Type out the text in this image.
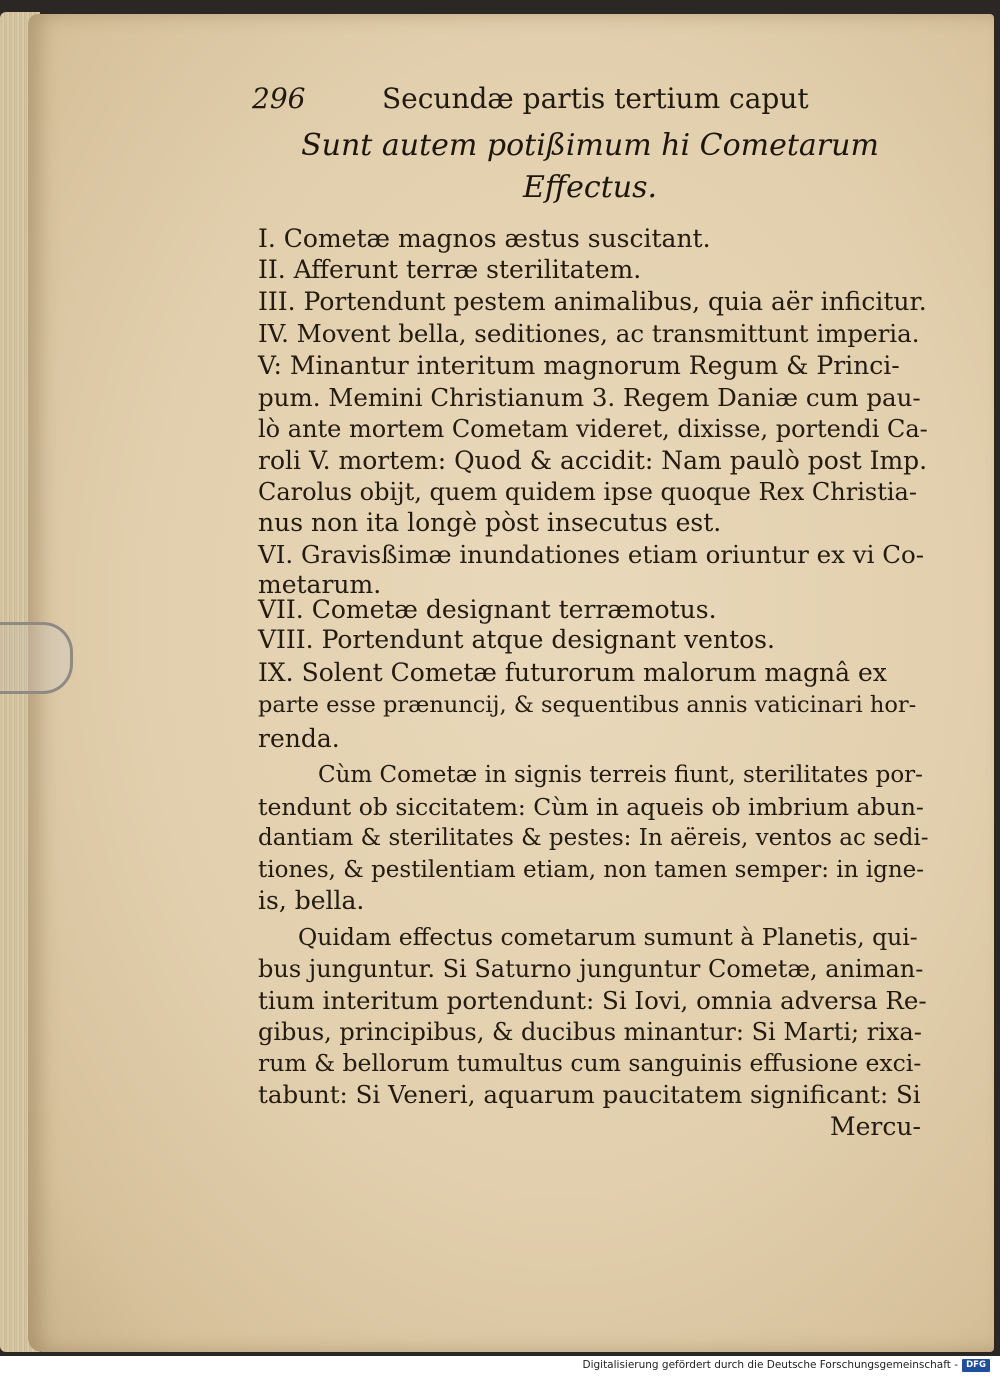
296	Secundæ partis tertium caput
Sunt autem potißimum hi Cometarum
Effectus.
I. Cometæ magnos æstus suscitant.
II. Afferunt terræ sterilitatem.
III. Portendunt pestem animalibus, quia aër inficitur.
IV. Movent bella, seditiones, ac transmittunt imperia.
V: Minantur interitum magnorum Regum & Princi-
pum. Memini Christianum 3. Regem Daniæ cum pau-
lò ante mortem Cometam videret, dixisse, portendi Ca-
roli V. mortem: Quod & accidit: Nam paulò post Imp.
Carolus obijt, quem quidem ipse quoque Rex Christia-
nus non ita longè pòst insecutus est.
VI. Gravisßimæ inundationes etiam oriuntur ex vi Co-
metarum.
VII. Cometæ designant terræmotus.
VIII. Portendunt atque designant ventos.
IX. Solent Cometæ futurorum malorum magnâ ex
parte esse prænuncij, & sequentibus annis vaticinari hor-
renda.
Cùm Cometæ in signis terreis fiunt, sterilitates por-
tendunt ob siccitatem: Cùm in aqueis ob imbrium abun-
dantiam & sterilitates & pestes: In aëreis, ventos ac sedi-
tiones, & pestilentiam etiam, non tamen semper: in igne-
is, bella.
Quidam effectus cometarum sumunt à Planetis, qui-
bus junguntur. Si Saturno junguntur Cometæ, animan-
tium interitum portendunt: Si Iovi, omnia adversa Re-
gibus, principibus, & ducibus minantur: Si Marti; rixa-
rum & bellorum tumultus cum sanguinis effusione exci-
tabunt: Si Veneri, aquarum paucitatem significant: Si
Mercu-
Digitalisierung gefördert durch die Deutsche Forschungsgemeinschaft - DFG
